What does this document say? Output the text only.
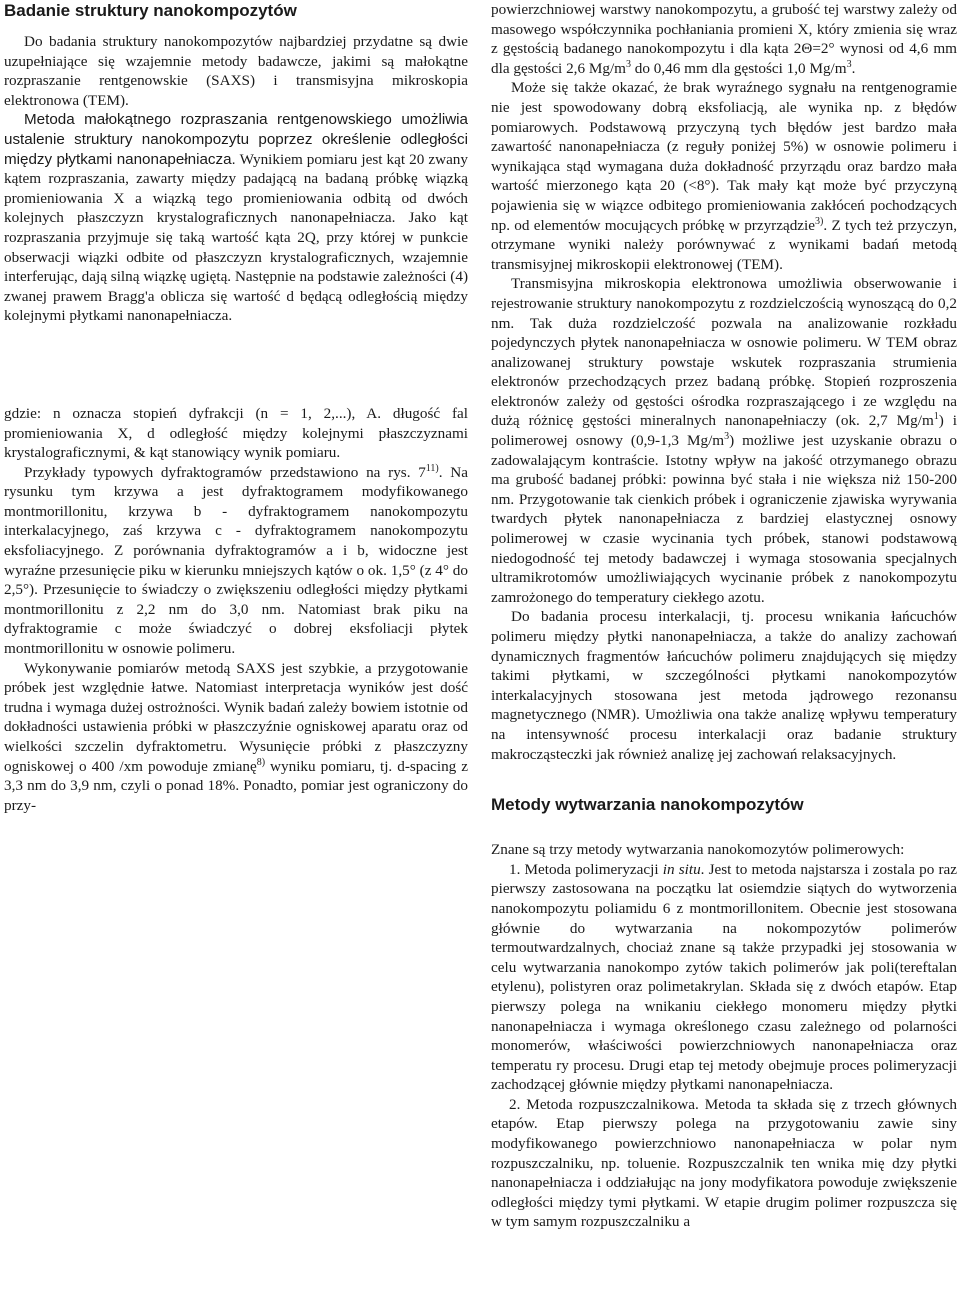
Badanie struktury nanokompozytów

Do badania struktury nanokompozytów najbardziej przydatne są dwie uzupełniające się wzajemnie metody badawcze, jakimi są małokątne rozpraszanie rentgenowskie (SAXS) i transmisyjna mikroskopia elektronowa (TEM).

Metoda małokątnego rozpraszania rentgenowskiego umożliwia ustalenie struktury nanokompozytu poprzez określenie odległości między płytkami nanonapełniacza. Wynikiem pomiaru jest kąt 20 zwany kątem rozpraszania, zawarty między padającą na badaną próbkę wiązką promieniowania X a wiązką tego promieniowania odbitą od dwóch kolejnych płaszczyzn krystalograficznych nanonapełniacza. Jako kąt rozpraszania przyjmuje się taką wartość kąta 2Q, przy której w punkcie obserwacji wiązki odbite od płaszczyzn krystalograficznych, wzajemnie interferując, dają silną wiązkę ugiętą. Następnie na podstawie zależności (4) zwanej prawem Bragg'a oblicza się wartość d będącą odległością między kolejnymi płytkami nanonapełniacza.

gdzie: n oznacza stopień dyfrakcji (n = 1, 2,...), A. długość fal promieniowania X, d odległość między kolejnymi płaszczyznami krystalograficznymi, & kąt stanowiący wynik pomiaru.

Przykłady typowych dyfraktogramów przedstawiono na rys. 7$^{11)}$. Na rysunku tym krzywa a jest dyfraktogramem modyfikowanego montmorillonitu, krzywa b - dyfraktogramem nanokompozytu interkalacyjnego, zaś krzywa c - dyfraktogramem nanokompozytu eksfoliacyjnego. Z porównania dyfraktogramów a i b, widoczne jest wyraźne przesunięcie piku w kierunku mniejszych kątów o ok. 1,5° (z 4° do 2,5°). Przesunięcie to świadczy o zwiększeniu odległości między płytkami montmorillonitu z 2,2 nm do 3,0 nm. Natomiast brak piku na dyfraktogramie c może świadczyć o dobrej eksfoliacji płytek montmorillonitu w osnowie polimeru.

Wykonywanie pomiarów metodą SAXS jest szybkie, a przygotowanie próbek jest względnie łatwe. Natomiast interpretacja wyników jest dość trudna i wymaga dużej ostrożności. Wynik badań zależy bowiem istotnie od dokładności ustawienia próbki w płaszczyźnie ogniskowej aparatu oraz od wielkości szczelin dyfraktometru. Wysunięcie próbki z płaszczyzny ogniskowej o 400 /xm powoduje zmianę$^{8)}$ wyniku pomiaru, tj. d-spacing z 3,3 nm do 3,9 nm, czyli o ponad 18%. Ponadto, pomiar jest ograniczony do przy-

powierzchniowej warstwy nanokompozytu, a grubość tej warstwy zależy od masowego współczynnika pochłaniania promieni X, który zmienia się wraz z gęstością badanego nanokompozytu i dla kąta 2Θ=2° wynosi od 4,6 mm dla gęstości 2,6 $Mg/m^3$ do 0,46 mm dla gęstości 1,0 $Mg/m^3$.

Może się także okazać, że brak wyraźnego sygnału na rentgenogramie nie jest spowodowany dobrą eksfoliacją, ale wynika np. z błędów pomiarowych. Podstawową przyczyną tych błędów jest bardzo mała zawartość nanonapełniacza (z reguły poniżej 5%) w osnowie polimeru i wynikająca stąd wymagana duża dokładność przyrządu oraz bardzo mała wartość mierzonego kąta 20 (<8°). Tak mały kąt może być przyczyną pojawienia się w wiązce odbitego promieniowania zakłóceń pochodzących np. od elementów mocujących próbkę w przyrządzie$^{3)}$. Z tych też przyczyn, otrzymane wyniki należy porównywać z wynikami badań metodą transmisyjnej mikroskopii elektronowej (TEM).

Transmisyjna mikroskopia elektronowa umożliwia obserwowanie i rejestrowanie struktury nanokompozytu z rozdzielczością wynoszącą do 0,2 nm. Tak duża rozdzielczość pozwala na analizowanie rozkładu pojedynczych płytek nanonapełniacza w osnowie polimeru. W TEM obraz analizowanej struktury powstaje wskutek rozpraszania strumienia elektronów przechodzących przez badaną próbkę. Stopień rozproszenia elektronów zależy od gęstości ośrodka rozpraszającego i ze względu na dużą różnicę gęstości mineralnych nanonapełniaczy (ok. 2,7 $Mg/m^1$) i polimerowej osnowy (0,9-1,3 $Mg/m^3$) możliwe jest uzyskanie obrazu o zadowalającym kontraście. Istotny wpływ na jakość otrzymanego obrazu ma grubość badanej próbki: powinna być stała i nie większa niż 150-200 nm. Przygotowanie tak cienkich próbek i ograniczenie zjawiska wyrywania twardych płytek nanonapełniacza z bardziej elastycznej osnowy polimerowej w czasie wycinania tych próbek, stanowi podstawową niedogodność tej metody badawczej i wymaga stosowania specjalnych ultramikrotomów umożliwiających wycinanie próbek z nanokompozytu zamrożonego do temperatury ciekłego azotu.

Do badania procesu interkalacji, tj. procesu wnikania łańcuchów polimeru między płytki nanonapełniacza, a także do analizy zachowań dynamicznych fragmentów łańcuchów polimeru znajdujących się między takimi płytkami, w szczególności płytkami nanokompozytów interkalacyjnych stosowana jest metoda jądrowego rezonansu magnetycznego (NMR). Umożliwia ona także analizę wpływu temperatury na intensywność procesu interkalacji oraz badanie struktury makrocząsteczki jak również analizę jej zachowań relaksacyjnych.

Metody wytwarzania nanokompozytów

Znane są trzy metody wytwarzania nanokomozytów polimerowych:

1. Metoda polimeryzacji in situ. Jest to metoda najstarsza i zostala po raz pierwszy zastosowana na początku lat osiemdzie siątych do wytworzenia nanokompozytu poliamidu 6 z montmorillonitem. Obecnie jest stosowana głównie do wytwarzania na nokompozytów polimerów termoutwardzalnych, chociaż znane są także przypadki jej stosowania w celu wytwarzania nanokompo zytów takich polimerów jak poli(tereftalan etylenu), polistyren oraz polimetakrylan. Składa się z dwóch etapów. Etap pierwszy polega na wnikaniu ciekłego monomeru między płytki nanonapełniacza i wymaga określonego czasu zależnego od polarności monomerów, właściwości powierzchniowych nanonapełniacza oraz temperatu ry procesu. Drugi etap tej metody obejmuje proces polimeryzacji zachodzącej głównie między płytkami nanonapełniacza.

2. Metoda rozpuszczalnikowa. Metoda ta składa się z trzech głównych etapów. Etap pierwszy polega na przygotowaniu zawie siny modyfikowanego powierzchniowo nanonapełniacza w polar nym rozpuszczalniku, np. toluenie. Rozpuszczalnik ten wnika mię dzy płytki nanonapełniacza i oddziałując na jony modyfikatora powoduje zwiększenie odległości między tymi płytkami. W etapie drugim polimer rozpuszcza się w tym samym rozpuszczalniku a
